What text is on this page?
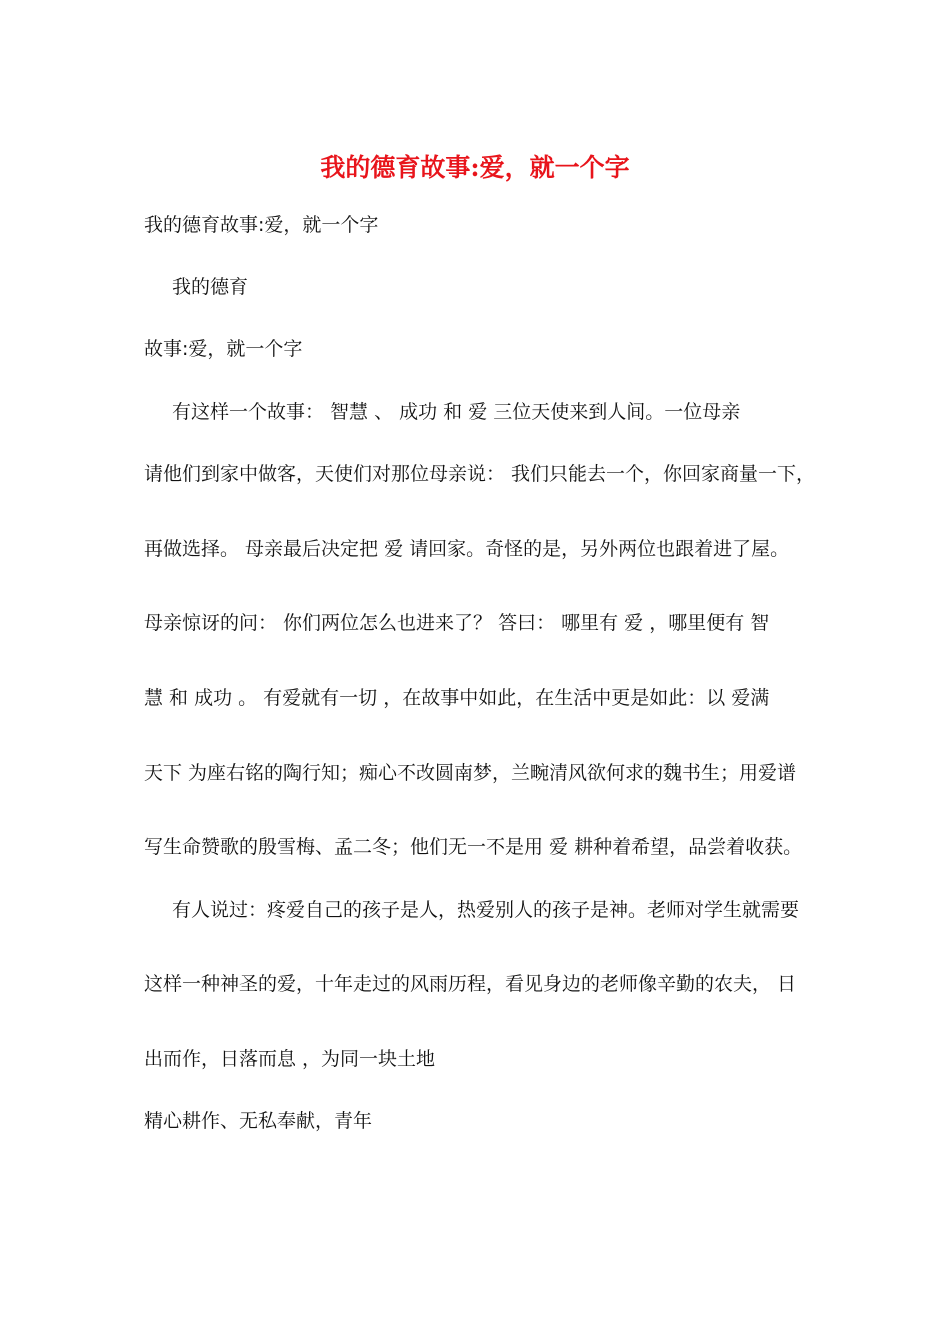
我的德育故事:爱，就一个字
我的德育故事:爱，就一个字
我的德育
故事:爱，就一个字
有这样一个故事： 智慧 、 成功 和 爱 三位天使来到人间。一位母亲
请他们到家中做客，天使们对那位母亲说： 我们只能去一个，你回家商量一下，
再做选择。 母亲最后决定把 爱 请回家。奇怪的是，另外两位也跟着进了屋。
母亲惊讶的问： 你们两位怎么也进来了？ 答曰： 哪里有 爱 ，哪里便有 智
慧 和 成功 。 有爱就有一切 ，在故事中如此，在生活中更是如此：以 爱满
天下 为座右铭的陶行知；痴心不改圆南梦，兰畹清风欲何求的魏书生；用爱谱
写生命赞歌的殷雪梅、孟二冬；他们无一不是用 爱 耕种着希望，品尝着收获。
有人说过：疼爱自己的孩子是人，热爱别人的孩子是神。老师对学生就需要
这样一种神圣的爱，十年走过的风雨历程，看见身边的老师像辛勤的农夫， 日
出而作，日落而息 ，为同一块土地
精心耕作、无私奉献，青年
